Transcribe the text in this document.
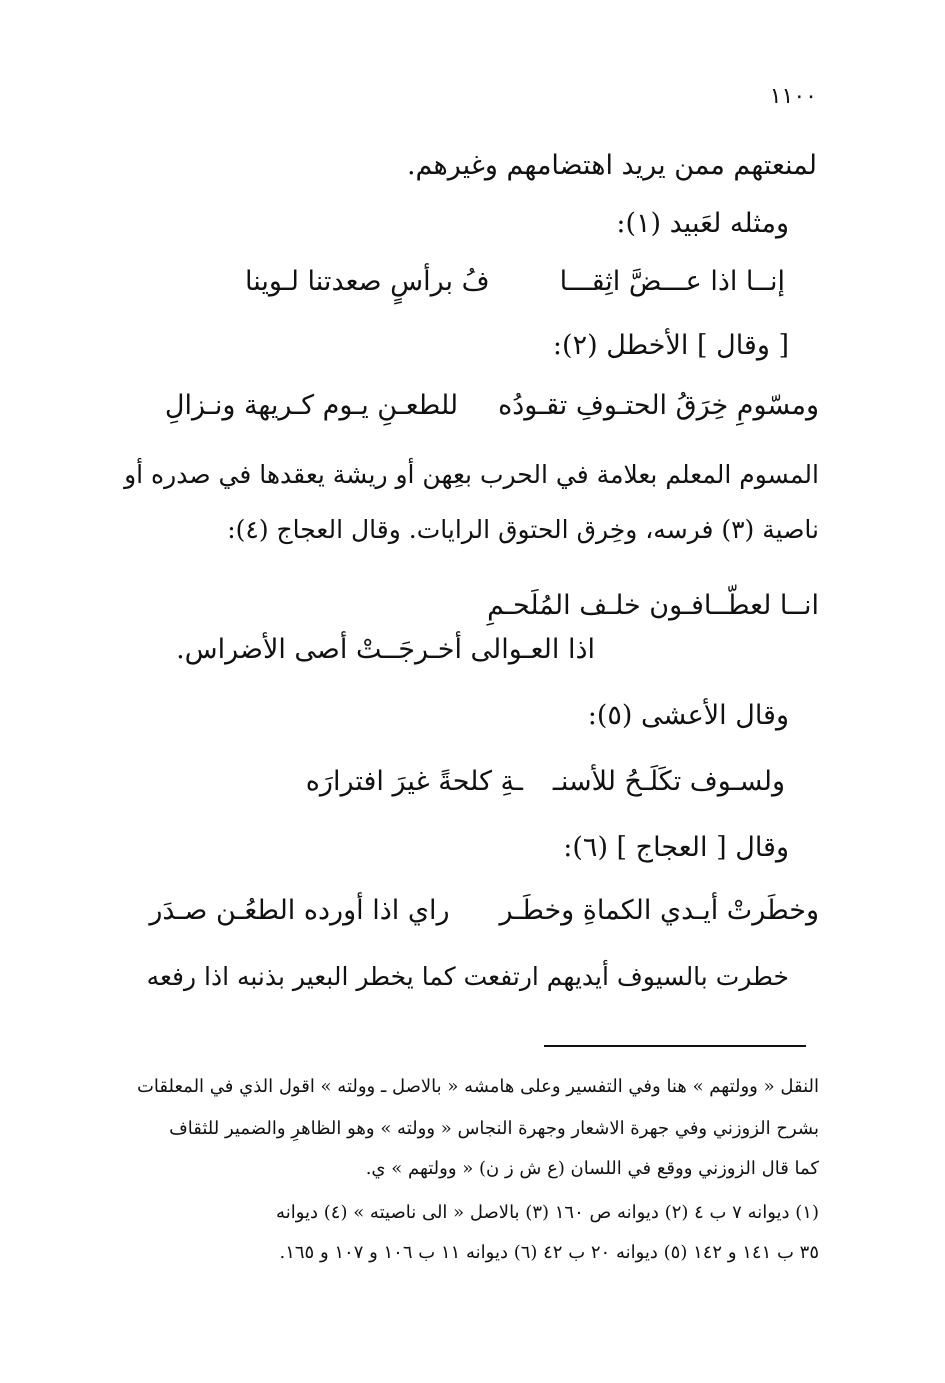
١١٠٠
لمنعتهم ممن يريد اهتضامهم وغيرهم.
ومثله لعَبيد (١):
إنــا اذا عـــضَّ اثِقـــافُ برأسٍ صعدتنا لـوينا
[ وقال ] الأخطل (٢):
ومسّومِ خِرَقُ الحتـوفِ تقـودُهللطعـنِ يـوم كـريهة ونـزالِ
المسوم المعلم بعلامة في الحرب بعِهن أو ريشة يعقدها في صدره أو
ناصية (٣) فرسه، وخِرق الحتوق الرايات. وقال العجاج (٤):
انــا لعطّــافـون خلـف المُلَحـمِ
اذا العـوالى أخـرجَــتْ أصى الأضراس.
وقال الأعشى (٥):
ولسـوف تكَلَـحُ للأسنــةِ كلحةً غيرَ افترارَه
وقال [ العجاج ] (٦):
وخطَرتْ أيـدي الكماةِ وخطَـرراي اذا أورده الطعُـن صـدَر
خطرت بالسيوف أيديهم ارتفعت كما يخطر البعير بذنبه اذا رفعه
النقل « وولتهم » هنا وفي التفسير وعلى هامشه « بالاصل ـ وولته » اقول الذي في المعلقات
بشرح الزوزني وفي جهرة الاشعار وجهرة النجاس « وولته » وهو الظاهرِ والضمير للثقاف
كما قال الزوزني ووقع في اللسان (ع ش ز ن) « وولتهم » ي.
(١) ديوانه ٧ ب ٤ (٢) ديوانه ص ١٦٠ (٣) بالاصل « الى ناصيته » (٤) ديوانه
٣٥ ب ١٤١ و ١٤٢ (٥) ديوانه ٢٠ ب ٤٢ (٦) ديوانه ١١ ب ١٠٦ و ١٠٧ و ١٦٥.
